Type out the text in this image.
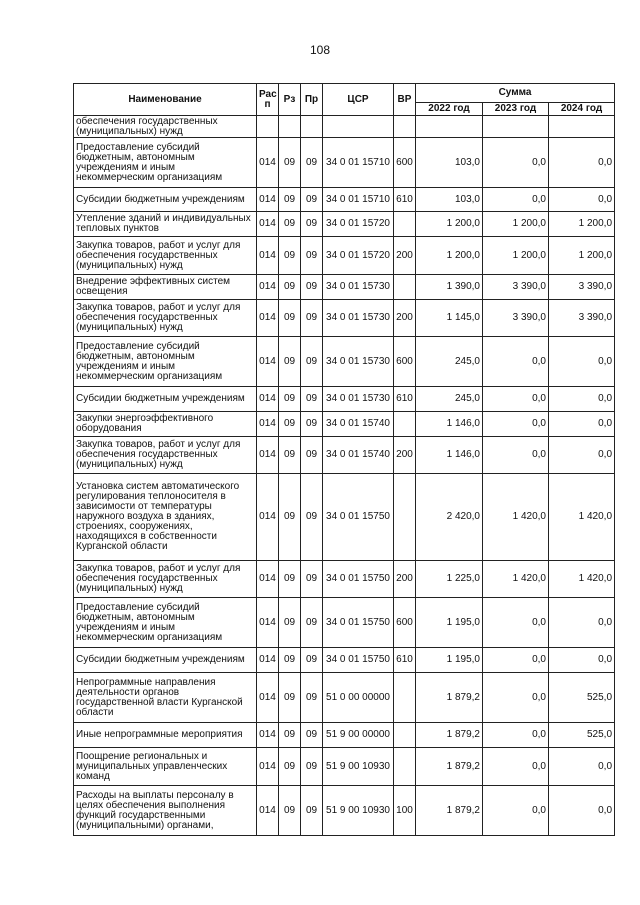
108
Наименование	Рас п	Рз	Пр	ЦСР	ВР	Сумма		
						2022 год	2023 год	2024 год
обеспечения государственных (муниципальных) нужд								
Предоставление субсидий бюджетным, автономным учреждениям и иным некоммерческим организациям	014	09	09	34 0 01 15710	600	103,0	0,0	0,0
Субсидии бюджетным учреждениям	014	09	09	34 0 01 15710	610	103,0	0,0	0,0
Утепление зданий и индивидуальных тепловых пунктов	014	09	09	34 0 01 15720		1 200,0	1 200,0	1 200,0
Закупка товаров, работ и услуг для обеспечения государственных (муниципальных) нужд	014	09	09	34 0 01 15720	200	1 200,0	1 200,0	1 200,0
Внедрение эффективных систем освещения	014	09	09	34 0 01 15730		1 390,0	3 390,0	3 390,0
Закупка товаров, работ и услуг для обеспечения государственных (муниципальных) нужд	014	09	09	34 0 01 15730	200	1 145,0	3 390,0	3 390,0
Предоставление субсидий бюджетным, автономным учреждениям и иным некоммерческим организациям	014	09	09	34 0 01 15730	600	245,0	0,0	0,0
Субсидии бюджетным учреждениям	014	09	09	34 0 01 15730	610	245,0	0,0	0,0
Закупки энергоэффективного оборудования	014	09	09	34 0 01 15740		1 146,0	0,0	0,0
Закупка товаров, работ и услуг для обеспечения государственных (муниципальных) нужд	014	09	09	34 0 01 15740	200	1 146,0	0,0	0,0
Установка систем автоматического регулирования теплоносителя в зависимости от температуры наружного воздуха в зданиях, строениях, сооружениях, находящихся в собственности Курганской области	014	09	09	34 0 01 15750		2 420,0	1 420,0	1 420,0
Закупка товаров, работ и услуг для обеспечения государственных (муниципальных) нужд	014	09	09	34 0 01 15750	200	1 225,0	1 420,0	1 420,0
Предоставление субсидий бюджетным, автономным учреждениям и иным некоммерческим организациям	014	09	09	34 0 01 15750	600	1 195,0	0,0	0,0
Субсидии бюджетным учреждениям	014	09	09	34 0 01 15750	610	1 195,0	0,0	0,0
Непрограммные направления деятельности органов государственной власти Курганской области	014	09	09	51 0 00 00000		1 879,2	0,0	525,0
Иные непрограммные мероприятия	014	09	09	51 9 00 00000		1 879,2	0,0	525,0
Поощрение региональных и муниципальных управленческих команд	014	09	09	51 9 00 10930		1 879,2	0,0	0,0
Расходы на выплаты персоналу в целях обеспечения выполнения функций государственными (муниципальными) органами,	014	09	09	51 9 00 10930	100	1 879,2	0,0	0,0
